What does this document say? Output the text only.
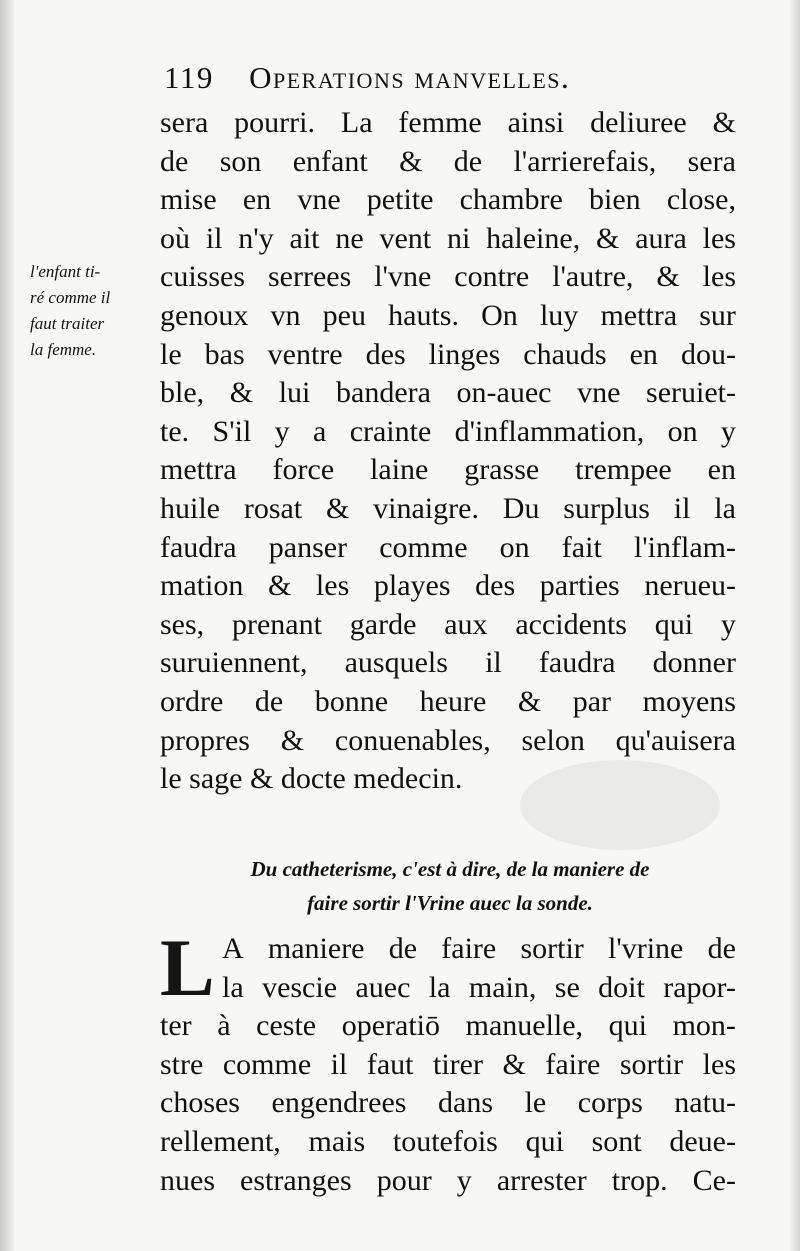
119 Operations manvelles.
l'enfant ti-
ré comme il
faut traiter
la femme.
sera pourri. La femme ainsi deliuree &
de son enfant & de l'arrierefais, sera
mise en vne petite chambre bien close,
où il n'y ait ne vent ni haleine, & aura les
cuisses serrees l'vne contre l'autre, & les
genoux vn peu hauts. On luy mettra sur
le bas ventre des linges chauds en dou-
ble, & lui bandera on-auec vne seruiet-
te. S'il y a crainte d'inflammation, on y
mettra force laine grasse trempee en
huile rosat & vinaigre. Du surplus il la
faudra panser comme on fait l'inflam-
mation & les playes des parties nerueu-
ses, prenant garde aux accidents qui y
suruiennent, ausquels il faudra donner
ordre de bonne heure & par moyens
propres & conuenables, selon qu'auisera
le sage & docte medecin.
Du catheterisme, c'est à dire, de la maniere de
faire sortir l'Vrine auec la sonde.
L A maniere de faire sortir l'vrine de
la vescie auec la main, se doit rapor-
ter à ceste operatiō manuelle, qui mon-
stre comme il faut tirer & faire sortir les
choses engendrees dans le corps natu-
rellement, mais toutefois qui sont deue-
nues estranges pour y arrester trop. Ce-
